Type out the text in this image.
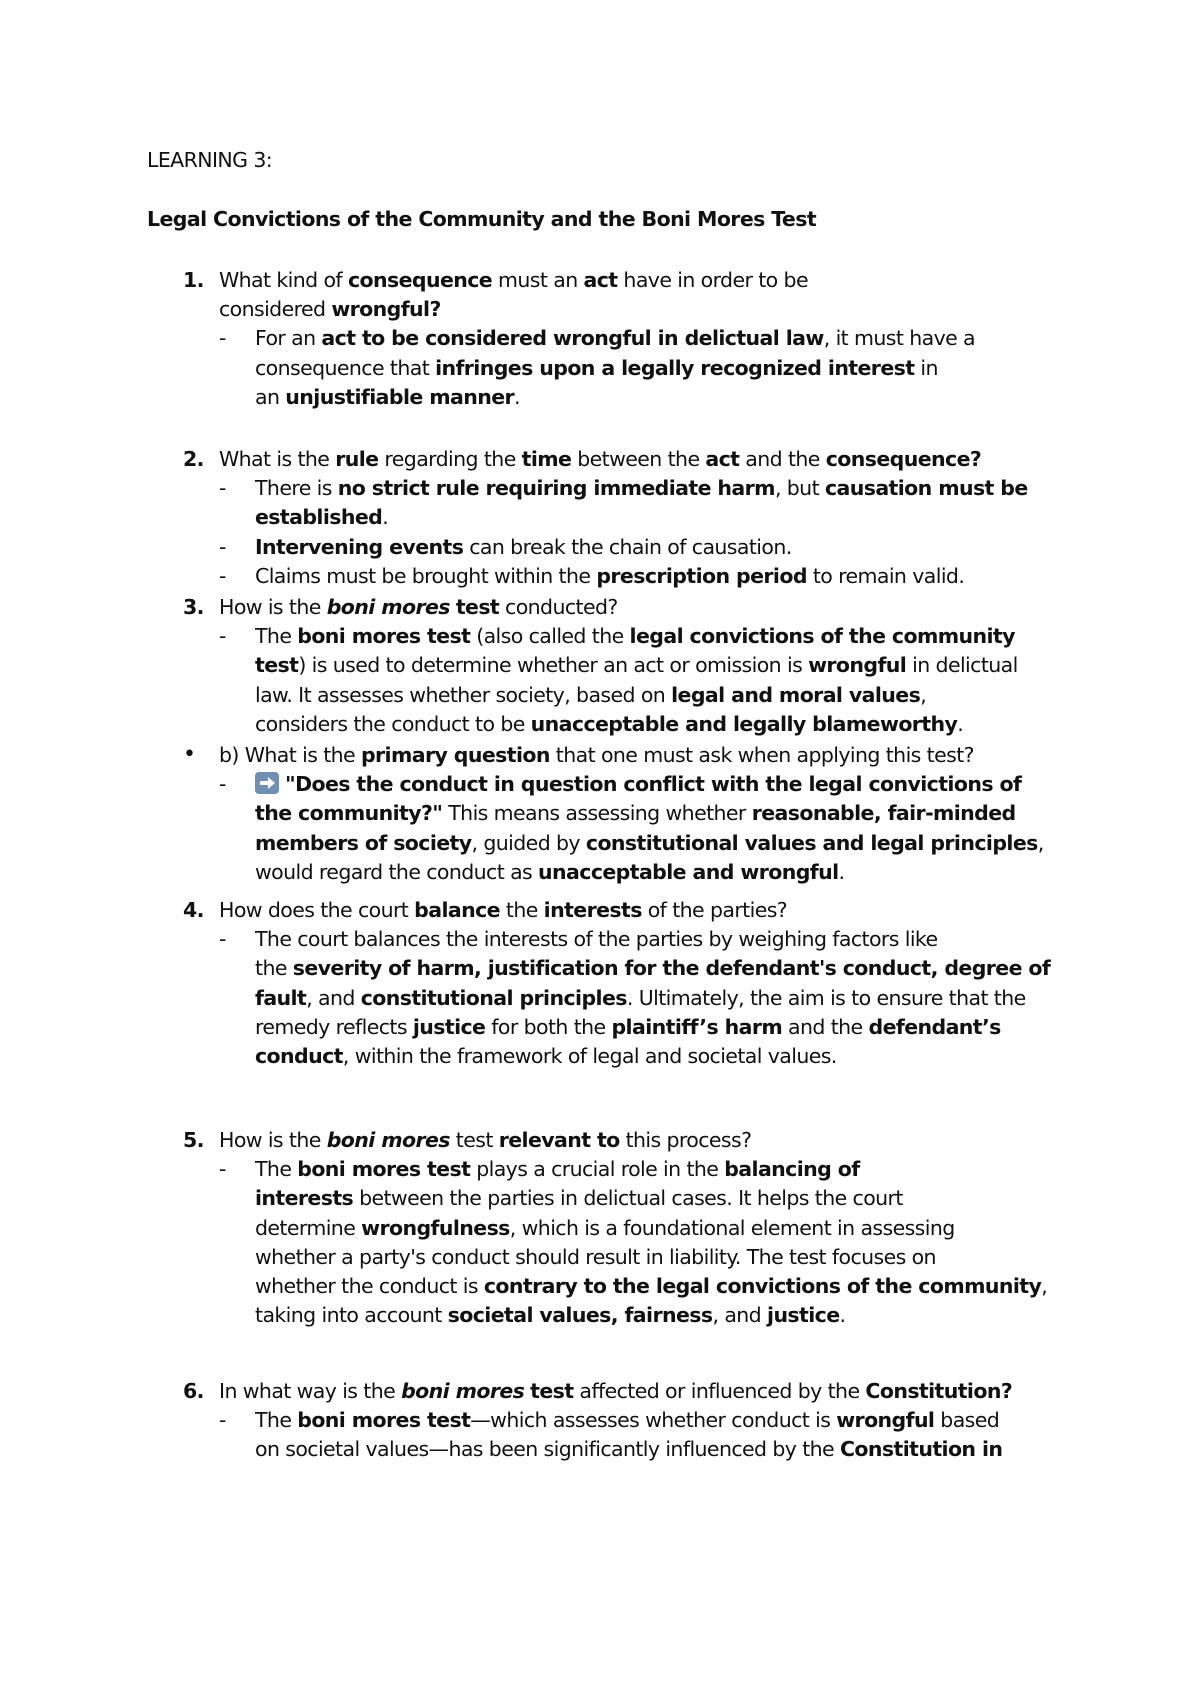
LEARNING 3:
Legal Convictions of the Community and the Boni Mores Test
1. What kind of consequence must an act have in order to be
considered wrongful?
- For an act to be considered wrongful in delictual law, it must have a
consequence that infringes upon a legally recognized interest in
an unjustifiable manner.
2. What is the rule regarding the time between the act and the consequence?
- There is no strict rule requiring immediate harm, but causation must be
established.
- Intervening events can break the chain of causation.
- Claims must be brought within the prescription period to remain valid.
3. How is the boni mores test conducted?
- The boni mores test (also called the legal convictions of the community
test) is used to determine whether an act or omission is wrongful in delictual
law. It assesses whether society, based on legal and moral values,
considers the conduct to be unacceptable and legally blameworthy.
• b) What is the primary question that one must ask when applying this test?
-	"Does the conduct in question conflict with the legal convictions of
the community?" This means assessing whether reasonable, fair-minded
members of society, guided by constitutional values and legal principles,
would regard the conduct as unacceptable and wrongful.
4. How does the court balance the interests of the parties?
- The court balances the interests of the parties by weighing factors like
the severity of harm, justification for the defendant's conduct, degree of
fault, and constitutional principles. Ultimately, the aim is to ensure that the
remedy reflects justice for both the plaintiff’s harm and the defendant’s
conduct, within the framework of legal and societal values.
5. How is the boni mores test relevant to this process?
- The boni mores test plays a crucial role in the balancing of
interests between the parties in delictual cases. It helps the court
determine wrongfulness, which is a foundational element in assessing
whether a party's conduct should result in liability. The test focuses on
whether the conduct is contrary to the legal convictions of the community,
taking into account societal values, fairness, and justice.
6. In what way is the boni mores test affected or influenced by the Constitution?
- The boni mores test—which assesses whether conduct is wrongful based
on societal values—has been significantly influenced by the Constitution in
